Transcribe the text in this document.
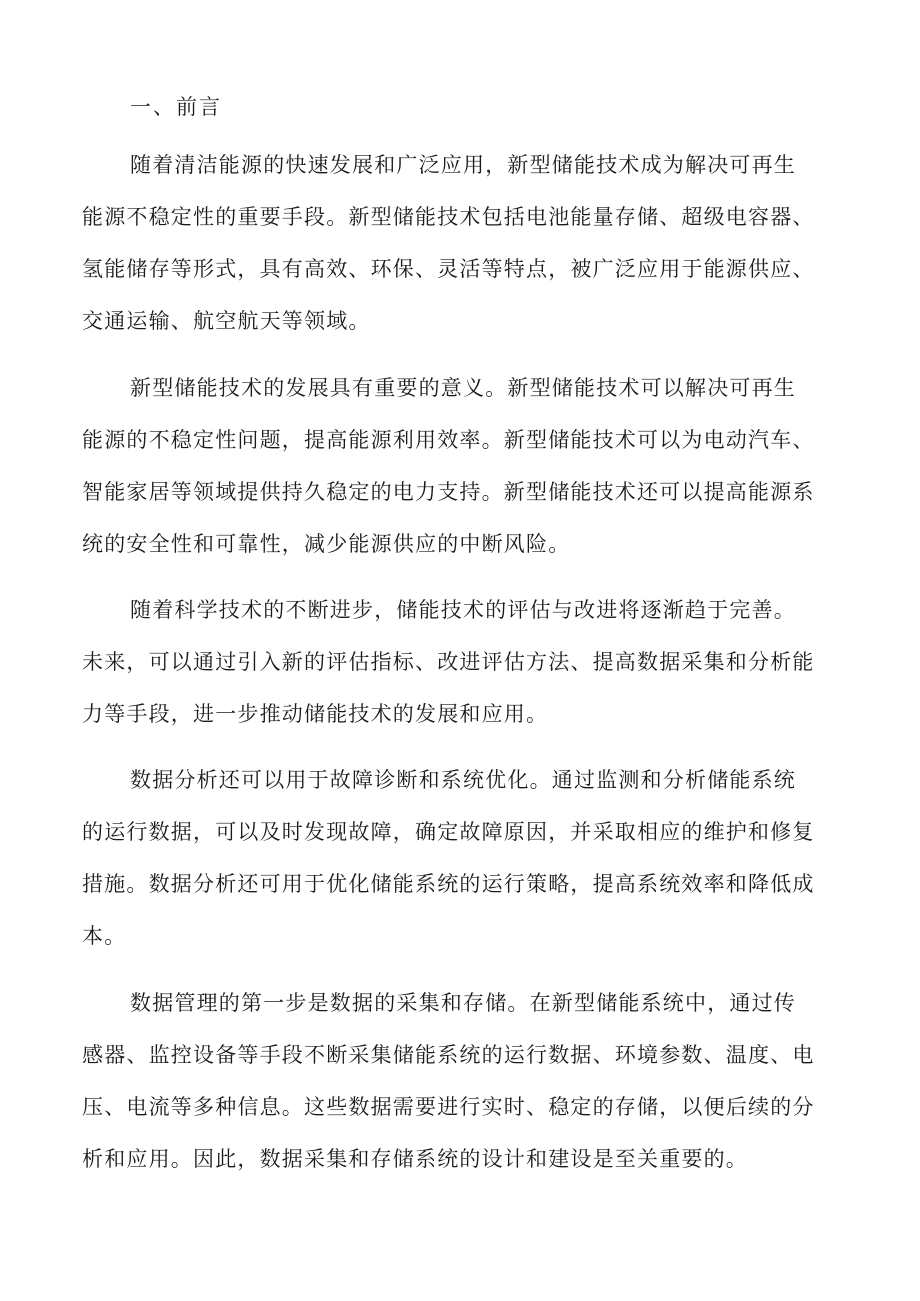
一、前言
随着清洁能源的快速发展和广泛应用，新型储能技术成为解决可再生
能源不稳定性的重要手段。新型储能技术包括电池能量存储、超级电容器、
氢能储存等形式，具有高效、环保、灵活等特点，被广泛应用于能源供应、
交通运输、航空航天等领域。
新型储能技术的发展具有重要的意义。新型储能技术可以解决可再生
能源的不稳定性问题，提高能源利用效率。新型储能技术可以为电动汽车、
智能家居等领域提供持久稳定的电力支持。新型储能技术还可以提高能源系
统的安全性和可靠性，减少能源供应的中断风险。
随着科学技术的不断进步，储能技术的评估与改进将逐渐趋于完善。
未来，可以通过引入新的评估指标、改进评估方法、提高数据采集和分析能
力等手段，进一步推动储能技术的发展和应用。
数据分析还可以用于故障诊断和系统优化。通过监测和分析储能系统
的运行数据，可以及时发现故障，确定故障原因，并采取相应的维护和修复
措施。数据分析还可用于优化储能系统的运行策略，提高系统效率和降低成
本。
数据管理的第一步是数据的采集和存储。在新型储能系统中，通过传
感器、监控设备等手段不断采集储能系统的运行数据、环境参数、温度、电
压、电流等多种信息。这些数据需要进行实时、稳定的存储，以便后续的分
析和应用。因此，数据采集和存储系统的设计和建设是至关重要的。
